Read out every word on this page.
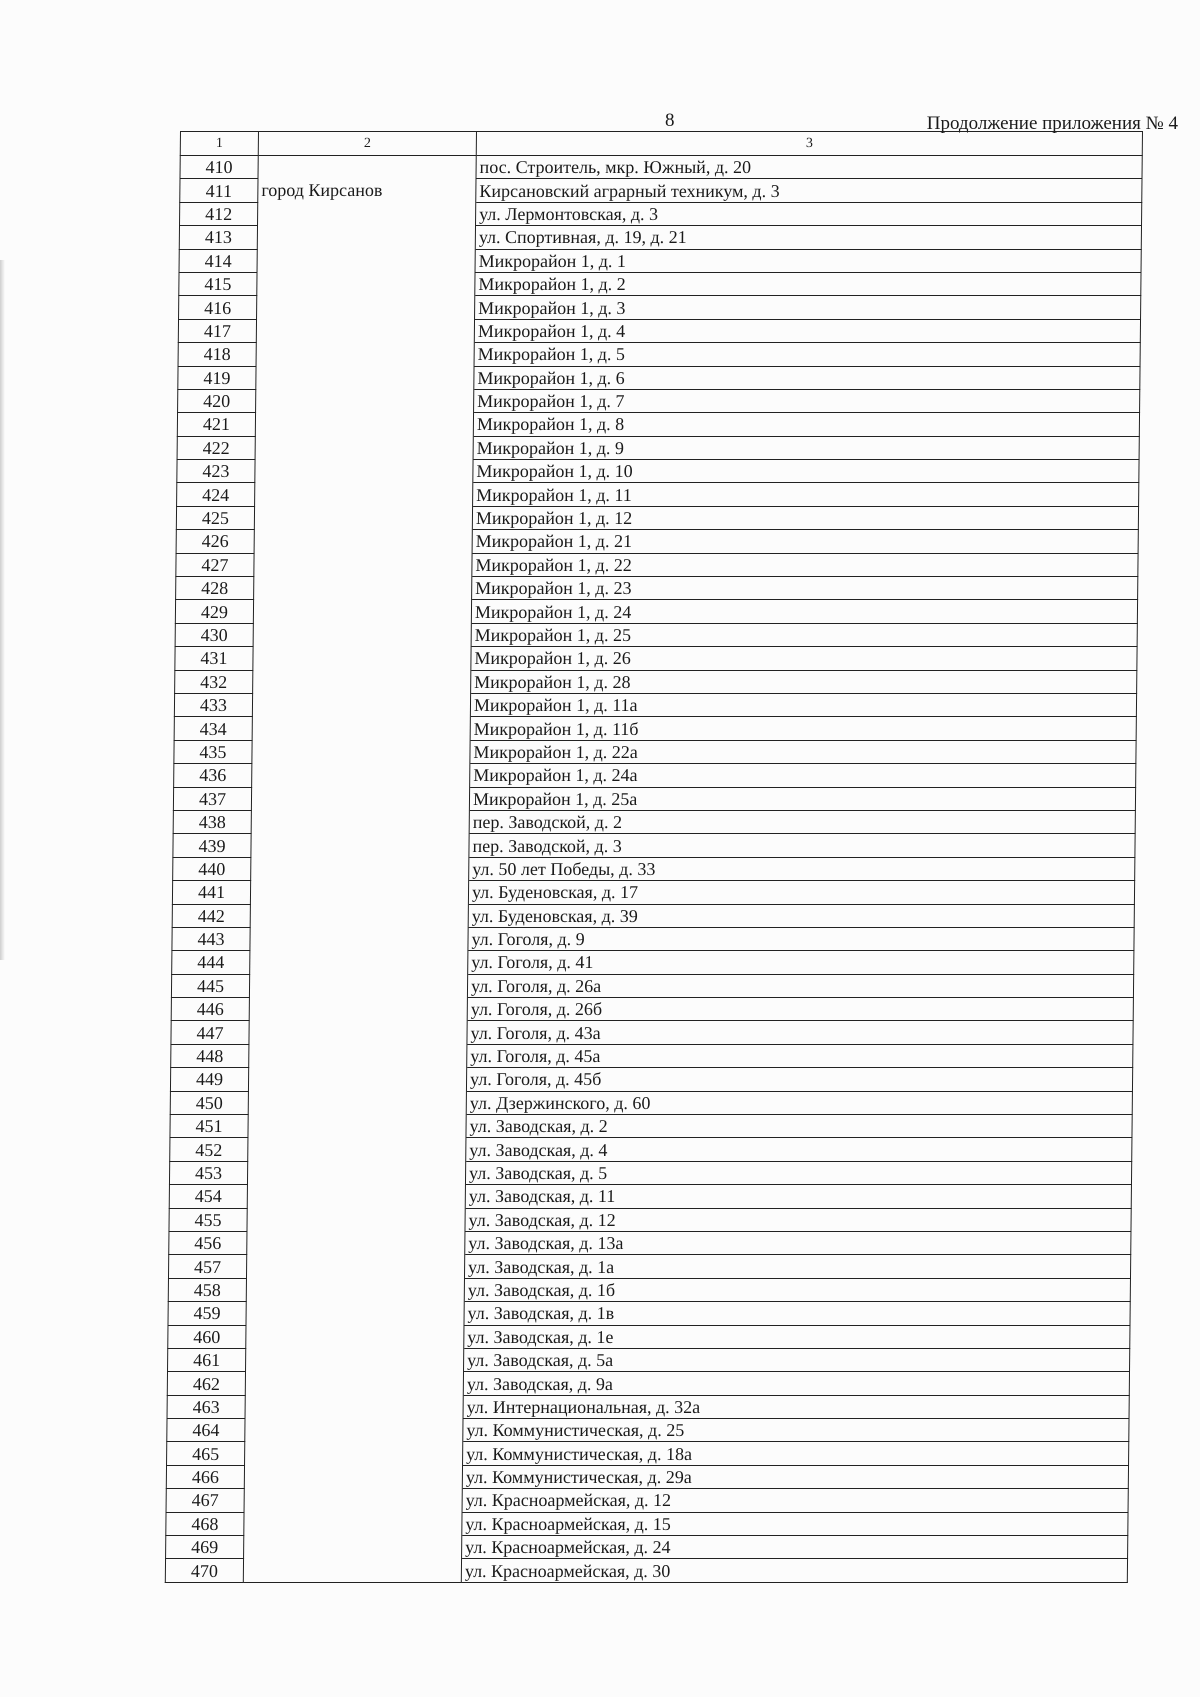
8	Продолжение приложения № 4
1	2	3
410		пос. Строитель, мкр. Южный, д. 20
411	город Кирсанов	Кирсановский аграрный техникум, д. 3
412		ул. Лермонтовская, д. 3
413		ул. Спортивная, д. 19, д. 21
414		Микрорайон 1, д. 1
415		Микрорайон 1, д. 2
416		Микрорайон 1, д. 3
417		Микрорайон 1, д. 4
418		Микрорайон 1, д. 5
419		Микрорайон 1, д. 6
420		Микрорайон 1, д. 7
421		Микрорайон 1, д. 8
422		Микрорайон 1, д. 9
423		Микрорайон 1, д. 10
424		Микрорайон 1, д. 11
425		Микрорайон 1, д. 12
426		Микрорайон 1, д. 21
427		Микрорайон 1, д. 22
428		Микрорайон 1, д. 23
429		Микрорайон 1, д. 24
430		Микрорайон 1, д. 25
431		Микрорайон 1, д. 26
432		Микрорайон 1, д. 28
433		Микрорайон 1, д. 11а
434		Микрорайон 1, д. 11б
435		Микрорайон 1, д. 22а
436		Микрорайон 1, д. 24а
437		Микрорайон 1, д. 25а
438		пер. Заводской, д. 2
439		пер. Заводской, д. 3
440		ул. 50 лет Победы, д. 33
441		ул. Буденовская, д. 17
442		ул. Буденовская, д. 39
443		ул. Гоголя, д. 9
444		ул. Гоголя, д. 41
445		ул. Гоголя, д. 26а
446		ул. Гоголя, д. 26б
447		ул. Гоголя, д. 43а
448		ул. Гоголя, д. 45а
449		ул. Гоголя, д. 45б
450		ул. Дзержинского, д. 60
451		ул. Заводская, д. 2
452		ул. Заводская, д. 4
453		ул. Заводская, д. 5
454		ул. Заводская, д. 11
455		ул. Заводская, д. 12
456		ул. Заводская, д. 13а
457		ул. Заводская, д. 1а
458		ул. Заводская, д. 1б
459		ул. Заводская, д. 1в
460		ул. Заводская, д. 1е
461		ул. Заводская, д. 5а
462		ул. Заводская, д. 9а
463		ул. Интернациональная, д. 32а
464		ул. Коммунистическая, д. 25
465		ул. Коммунистическая, д. 18а
466		ул. Коммунистическая, д. 29а
467		ул. Красноармейская, д. 12
468		ул. Красноармейская, д. 15
469		ул. Красноармейская, д. 24
470		ул. Красноармейская, д. 30
